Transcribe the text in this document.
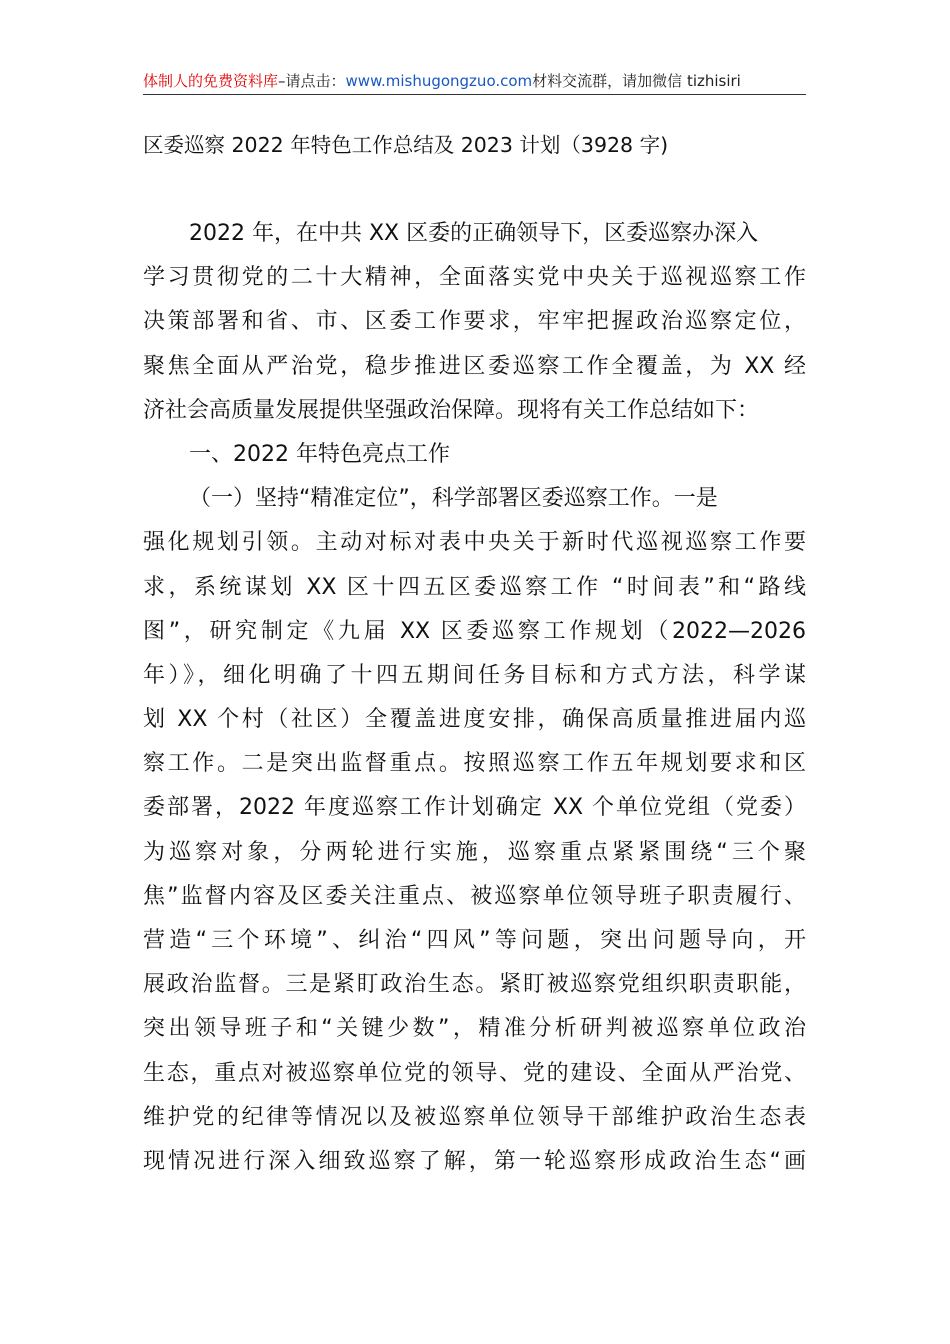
体制人的免费资料库–请点击：www.mishugongzuo.com材料交流群，请加微信 tizhisiri
区委巡察 2022 年特色工作总结及 2023 计划（3928 字)
2022 年，在中共 XX 区委的正确领导下，区委巡察办深入
学习贯彻党的二十大精神，全面落实党中央关于巡视巡察工作
决策部署和省、市、区委工作要求，牢牢把握政治巡察定位，
聚焦全面从严治党，稳步推进区委巡察工作全覆盖，为 XX 经
济社会高质量发展提供坚强政治保障。现将有关工作总结如下：
一、2022 年特色亮点工作
（一）坚持“精准定位”，科学部署区委巡察工作。一是
强化规划引领。主动对标对表中央关于新时代巡视巡察工作要
求，系统谋划 XX 区十四五区委巡察工作 “时间表”和“路线
图”，研究制定《九届 XX 区委巡察工作规划（2022—2026
年）》，细化明确了十四五期间任务目标和方式方法，科学谋
划 XX 个村（社区）全覆盖进度安排，确保高质量推进届内巡
察工作。二是突出监督重点。按照巡察工作五年规划要求和区
委部署，2022 年度巡察工作计划确定 XX 个单位党组（党委）
为巡察对象，分两轮进行实施，巡察重点紧紧围绕“三个聚
焦”监督内容及区委关注重点、被巡察单位领导班子职责履行、
营造“三个环境”、纠治“四风”等问题，突出问题导向，开
展政治监督。三是紧盯政治生态。紧盯被巡察党组织职责职能，
突出领导班子和“关键少数”，精准分析研判被巡察单位政治
生态，重点对被巡察单位党的领导、党的建设、全面从严治党、
维护党的纪律等情况以及被巡察单位领导干部维护政治生态表
现情况进行深入细致巡察了解，第一轮巡察形成政治生态“画
